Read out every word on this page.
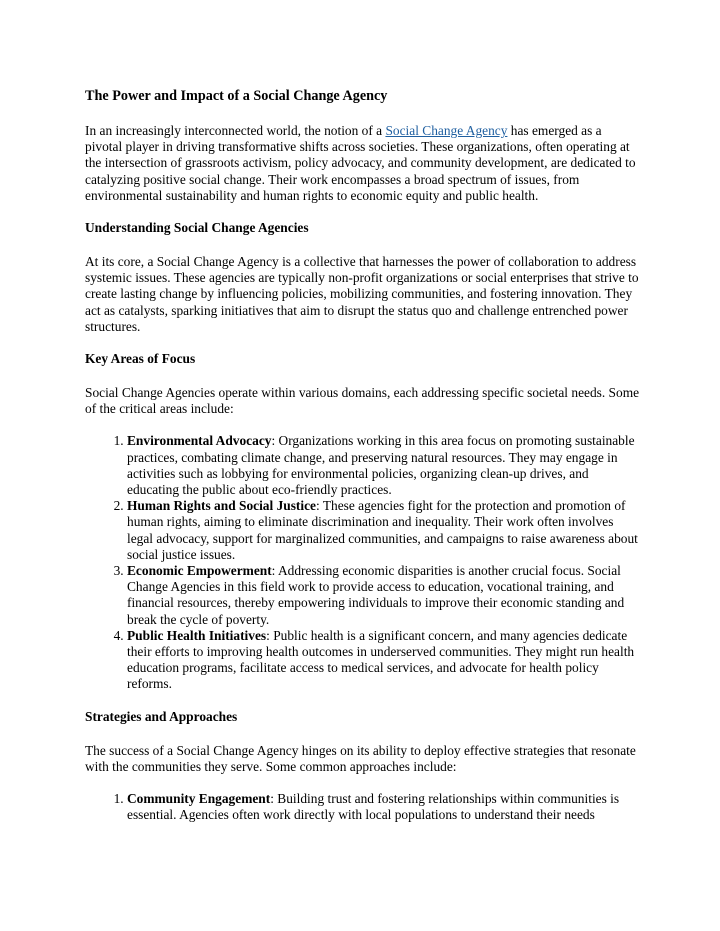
The Power and Impact of a Social Change Agency

In an increasingly interconnected world, the notion of a Social Change Agency has emerged as a pivotal player in driving transformative shifts across societies. These organizations, often operating at the intersection of grassroots activism, policy advocacy, and community development, are dedicated to catalyzing positive social change. Their work encompasses a broad spectrum of issues, from environmental sustainability and human rights to economic equity and public health.

Understanding Social Change Agencies

At its core, a Social Change Agency is a collective that harnesses the power of collaboration to address systemic issues. These agencies are typically non-profit organizations or social enterprises that strive to create lasting change by influencing policies, mobilizing communities, and fostering innovation. They act as catalysts, sparking initiatives that aim to disrupt the status quo and challenge entrenched power structures.

Key Areas of Focus

Social Change Agencies operate within various domains, each addressing specific societal needs. Some of the critical areas include:

1. Environmental Advocacy: Organizations working in this area focus on promoting sustainable practices, combating climate change, and preserving natural resources. They may engage in activities such as lobbying for environmental policies, organizing clean-up drives, and educating the public about eco-friendly practices.
2. Human Rights and Social Justice: These agencies fight for the protection and promotion of human rights, aiming to eliminate discrimination and inequality. Their work often involves legal advocacy, support for marginalized communities, and campaigns to raise awareness about social justice issues.
3. Economic Empowerment: Addressing economic disparities is another crucial focus. Social Change Agencies in this field work to provide access to education, vocational training, and financial resources, thereby empowering individuals to improve their economic standing and break the cycle of poverty.
4. Public Health Initiatives: Public health is a significant concern, and many agencies dedicate their efforts to improving health outcomes in underserved communities. They might run health education programs, facilitate access to medical services, and advocate for health policy reforms.
Strategies and Approaches

The success of a Social Change Agency hinges on its ability to deploy effective strategies that resonate with the communities they serve. Some common approaches include:

1. Community Engagement: Building trust and fostering relationships within communities is essential. Agencies often work directly with local populations to understand their needs
